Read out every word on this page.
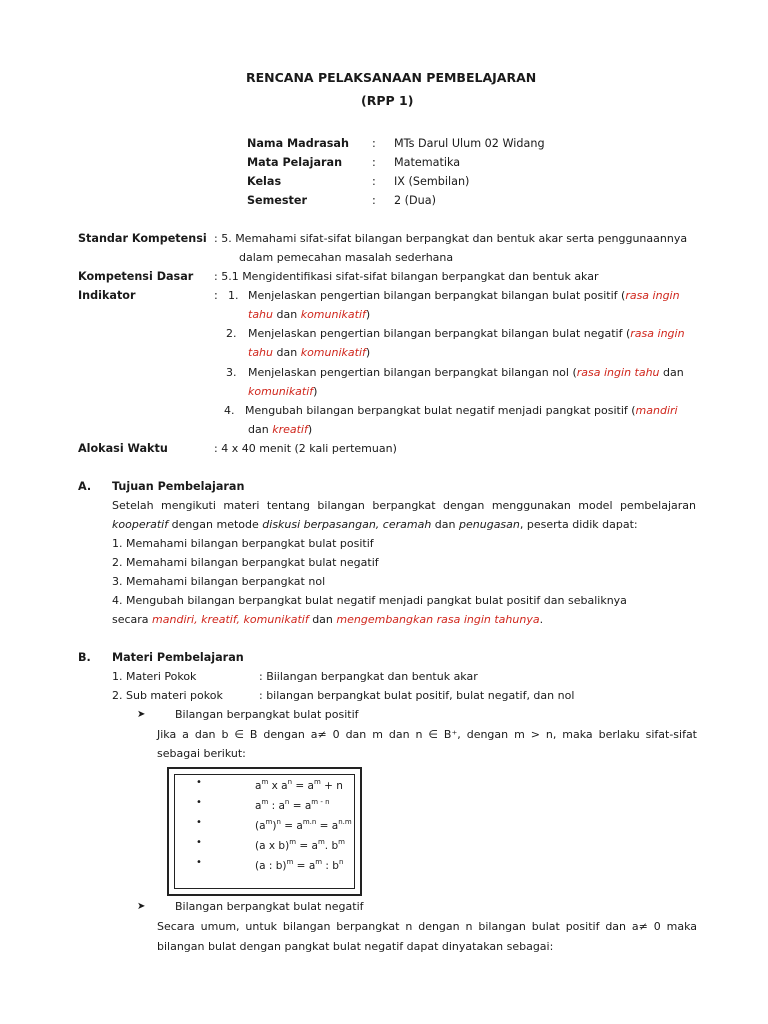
RENCANA PELAKSANAAN PEMBELAJARAN
(RPP 1)
Nama Madrasah : MTs Darul Ulum 02 Widang
Mata Pelajaran	: Matematika
Kelas	: IX (Sembilan)
Semester	: 2 (Dua)
Standar Kompetensi : 5. Memahami sifat-sifat bilangan berpangkat dan bentuk akar serta penggunaannya
dalam pemecahan masalah sederhana
Kompetensi Dasar : 5.1 Mengidentifikasi sifat-sifat bilangan berpangkat dan bentuk akar
Indikator	: 1. Menjelaskan pengertian bilangan berpangkat bilangan bulat positif (rasa ingin
tahu dan komunikatif)
2. Menjelaskan pengertian bilangan berpangkat bilangan bulat negatif (rasa ingin
tahu dan komunikatif)
3. Menjelaskan pengertian bilangan berpangkat bilangan nol (rasa ingin tahu dan
komunikatif)
4. Mengubah bilangan berpangkat bulat negatif menjadi pangkat positif (mandiri
dan kreatif)
Alokasi Waktu	: 4 x 40 menit (2 kali pertemuan)
A. Tujuan Pembelajaran
Setelah mengikuti materi tentang bilangan berpangkat dengan menggunakan model pembelajaran
kooperatif dengan metode diskusi berpasangan, ceramah dan penugasan, peserta didik dapat:
1. Memahami bilangan berpangkat bulat positif
2. Memahami bilangan berpangkat bulat negatif
3. Memahami bilangan berpangkat nol
4. Mengubah bilangan berpangkat bulat negatif menjadi pangkat bulat positif dan sebaliknya
secara mandiri, kreatif, komunikatif dan mengembangkan rasa ingin tahunya.
B. Materi Pembelajaran
1. Materi Pokok	: Biilangan berpangkat dan bentuk akar
2. Sub materi pokok	: bilangan berpangkat bulat positif, bulat negatif, dan nol
➤	Bilangan berpangkat bulat positif
Jika a dan b ∈ B dengan a≠ 0 dan m dan n ∈ B⁺, dengan m > n, maka berlaku sifat-sifat
sebagai berikut:
•	$a^m$ x $a^n = a^m + n$
•	$a^m$ : $a^n = a^{m - n}$
•	$(a^m)^n = a^{m.n} = a^{n.m}$
•	(a x $b)^m = a^m$. $b^m$
•	(a : $b)^m = a^m$ : $b^n$
➤	Bilangan berpangkat bulat negatif
Secara umum, untuk bilangan berpangkat n dengan n bilangan bulat positif dan a≠ 0 maka
bilangan bulat dengan pangkat bulat negatif dapat dinyatakan sebagai:
